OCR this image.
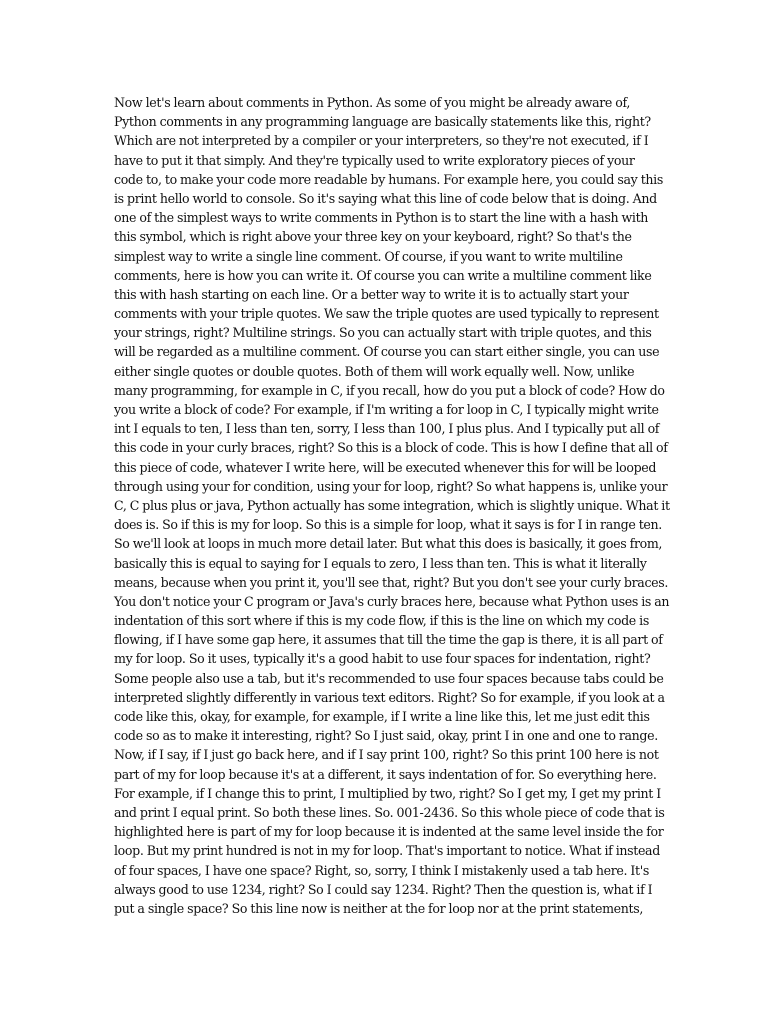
Now let's learn about comments in Python. As some of you might be already aware of,
Python comments in any programming language are basically statements like this, right?
Which are not interpreted by a compiler or your interpreters, so they're not executed, if I
have to put it that simply. And they're typically used to write exploratory pieces of your
code to, to make your code more readable by humans. For example here, you could say this
is print hello world to console. So it's saying what this line of code below that is doing. And
one of the simplest ways to write comments in Python is to start the line with a hash with
this symbol, which is right above your three key on your keyboard, right? So that's the
simplest way to write a single line comment. Of course, if you want to write multiline
comments, here is how you can write it. Of course you can write a multiline comment like
this with hash starting on each line. Or a better way to write it is to actually start your
comments with your triple quotes. We saw the triple quotes are used typically to represent
your strings, right? Multiline strings. So you can actually start with triple quotes, and this
will be regarded as a multiline comment. Of course you can start either single, you can use
either single quotes or double quotes. Both of them will work equally well. Now, unlike
many programming, for example in C, if you recall, how do you put a block of code? How do
you write a block of code? For example, if I'm writing a for loop in C, I typically might write
int I equals to ten, I less than ten, sorry, I less than 100, I plus plus. And I typically put all of
this code in your curly braces, right? So this is a block of code. This is how I define that all of
this piece of code, whatever I write here, will be executed whenever this for will be looped
through using your for condition, using your for loop, right? So what happens is, unlike your
C, C plus plus or java, Python actually has some integration, which is slightly unique. What it
does is. So if this is my for loop. So this is a simple for loop, what it says is for I in range ten.
So we'll look at loops in much more detail later. But what this does is basically, it goes from,
basically this is equal to saying for I equals to zero, I less than ten. This is what it literally
means, because when you print it, you'll see that, right? But you don't see your curly braces.
You don't notice your C program or Java's curly braces here, because what Python uses is an
indentation of this sort where if this is my code flow, if this is the line on which my code is
flowing, if I have some gap here, it assumes that till the time the gap is there, it is all part of
my for loop. So it uses, typically it's a good habit to use four spaces for indentation, right?
Some people also use a tab, but it's recommended to use four spaces because tabs could be
interpreted slightly differently in various text editors. Right? So for example, if you look at a
code like this, okay, for example, for example, if I write a line like this, let me just edit this
code so as to make it interesting, right? So I just said, okay, print I in one and one to range.
Now, if I say, if I just go back here, and if I say print 100, right? So this print 100 here is not
part of my for loop because it's at a different, it says indentation of for. So everything here.
For example, if I change this to print, I multiplied by two, right? So I get my, I get my print I
and print I equal print. So both these lines. So. 001-2436. So this whole piece of code that is
highlighted here is part of my for loop because it is indented at the same level inside the for
loop. But my print hundred is not in my for loop. That's important to notice. What if instead
of four spaces, I have one space? Right, so, sorry, I think I mistakenly used a tab here. It's
always good to use 1234, right? So I could say 1234. Right? Then the question is, what if I
put a single space? So this line now is neither at the for loop nor at the print statements,
